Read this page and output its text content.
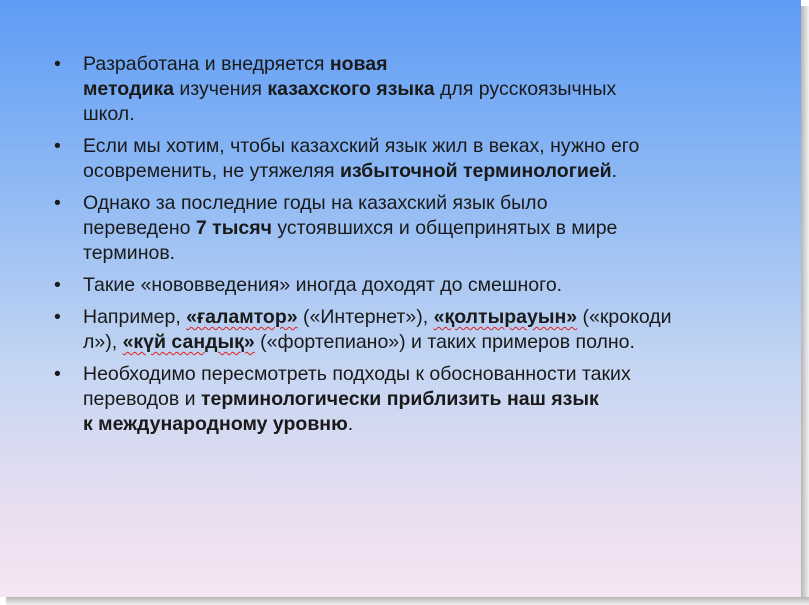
• Разработана и внедряется новая
методика изучения казахского языка для русскоязычных
школ.
• Если мы хотим, чтобы казахский язык жил в веках, нужно его
осовременить, не утяжеляя избыточной терминологией.
• Однако за последние годы на казахский язык было
переведено 7 тысяч устоявшихся и общепринятых в мире
терминов.
• Такие «нововведения» иногда доходят до смешного.
• Например, «ғаламтор» («Интернет»), «қолтырауын» («крокоди
л»), «күй сандық» («фортепиано») и таких примеров полно.
• Необходимо пересмотреть подходы к обоснованности таких
переводов и терминологически приблизить наш язык
к международному уровню.
